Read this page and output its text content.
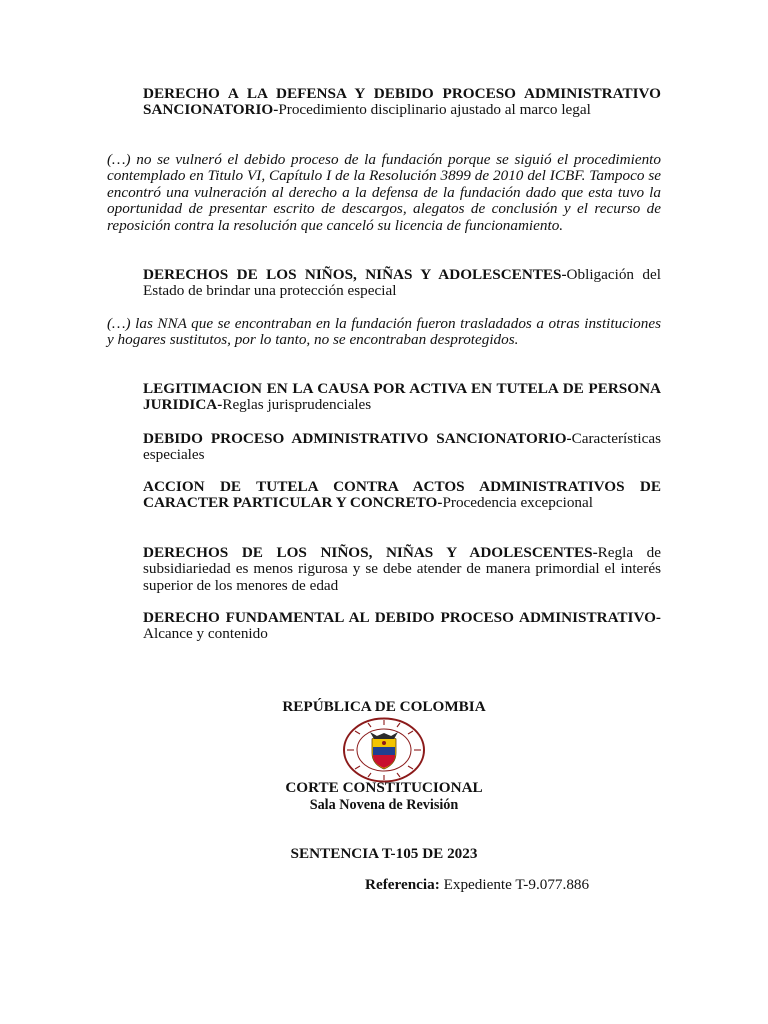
DERECHO A LA DEFENSA Y DEBIDO PROCESO ADMINISTRATIVO SANCIONATORIO-Procedimiento disciplinario ajustado al marco legal
(…) no se vulneró el debido proceso de la fundación porque se siguió el procedimiento contemplado en Titulo VI, Capítulo I de la Resolución 3899 de 2010 del ICBF. Tampoco se encontró una vulneración al derecho a la defensa de la fundación dado que esta tuvo la oportunidad de presentar escrito de descargos, alegatos de conclusión y el recurso de reposición contra la resolución que canceló su licencia de funcionamiento.
DERECHOS DE LOS NIÑOS, NIÑAS Y ADOLESCENTES-Obligación del Estado de brindar una protección especial
(…) las NNA que se encontraban en la fundación fueron trasladados a otras instituciones y hogares sustitutos, por lo tanto, no se encontraban desprotegidos.
LEGITIMACION EN LA CAUSA POR ACTIVA EN TUTELA DE PERSONA JURIDICA-Reglas jurisprudenciales
DEBIDO PROCESO ADMINISTRATIVO SANCIONATORIO-Características especiales
ACCION DE TUTELA CONTRA ACTOS ADMINISTRATIVOS DE CARACTER PARTICULAR Y CONCRETO-Procedencia excepcional
DERECHOS DE LOS NIÑOS, NIÑAS Y ADOLESCENTES-Regla de subsidiariedad es menos rigurosa y se debe atender de manera primordial el interés superior de los menores de edad
DERECHO FUNDAMENTAL AL DEBIDO PROCESO ADMINISTRATIVO-Alcance y contenido
REPÚBLICA DE COLOMBIA
CORTE CONSTITUCIONAL
Sala Novena de Revisión
SENTENCIA T-105 DE 2023
Referencia: Expediente T-9.077.886
